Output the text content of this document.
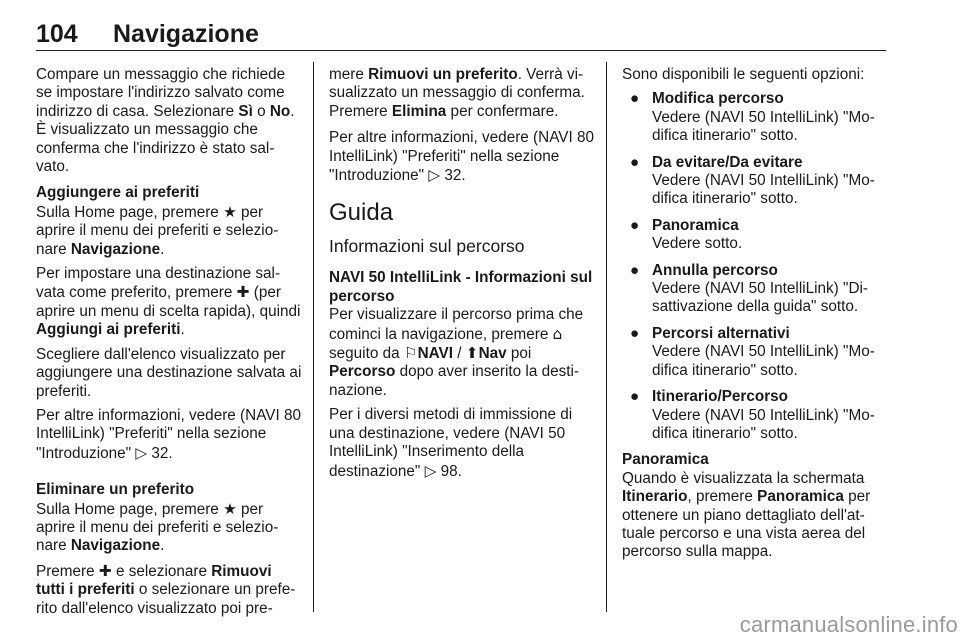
104 Navigazione

Compare un messaggio che richiede se impostare l'indirizzo salvato come indirizzo di casa. Selezionare Sì o No. È visualizzato un messaggio che conferma che l'indirizzo è stato sal-vato.

Aggiungere ai preferiti

Sulla Home page, premere ★ per aprire il menu dei preferiti e selezio-nare Navigazione.

Per impostare una destinazione sal-vata come preferito, premere ✚ (per aprire un menu di scelta rapida), quindi Aggiungi ai preferiti.

Scegliere dall'elenco visualizzato per aggiungere una destinazione salvata ai preferiti.

Per altre informazioni, vedere (NAVI 80 IntelliLink) "Preferiti" nella sezione "Introduzione" ▷ 32.

Eliminare un preferito

Sulla Home page, premere ★ per aprire il menu dei preferiti e selezio-nare Navigazione.

Premere ✚ e selezionare Rimuovi tutti i preferiti o selezionare un prefe-rito dall'elenco visualizzato poi pre-

mere Rimuovi un preferito. Verrà vi-sualizzato un messaggio di conferma. Premere Elimina per confermare.

Per altre informazioni, vedere (NAVI 80 IntelliLink) "Preferiti" nella sezione "Introduzione" ▷ 32.

Guida
Informazioni sul percorso
NAVI 50 IntelliLink - Informazioni sul percorso

Per visualizzare il percorso prima che cominci la navigazione, premere ⌂ seguito da ⚐NAVI / ⬆Nav poi Percorso dopo aver inserito la desti-nazione.

Per i diversi metodi di immissione di una destinazione, vedere (NAVI 50 IntelliLink) "Inserimento della destinazione" ▷ 98.

Sono disponibili le seguenti opzioni:
● Modifica percorso
Vedere (NAVI 50 IntelliLink) "Mo-difica itinerario" sotto.
● Da evitare/Da evitare
Vedere (NAVI 50 IntelliLink) "Mo-difica itinerario" sotto.
● Panoramica
Vedere sotto.
● Annulla percorso
Vedere (NAVI 50 IntelliLink) "Di-sattivazione della guida" sotto.
● Percorsi alternativi
Vedere (NAVI 50 IntelliLink) "Mo-difica itinerario" sotto.
● Itinerario/Percorso
Vedere (NAVI 50 IntelliLink) "Mo-difica itinerario" sotto.
Panoramica

Quando è visualizzata la schermata Itinerario, premere Panoramica per ottenere un piano dettagliato dell'at-tuale percorso e una vista aerea del percorso sulla mappa.

carmanualsonline.info
